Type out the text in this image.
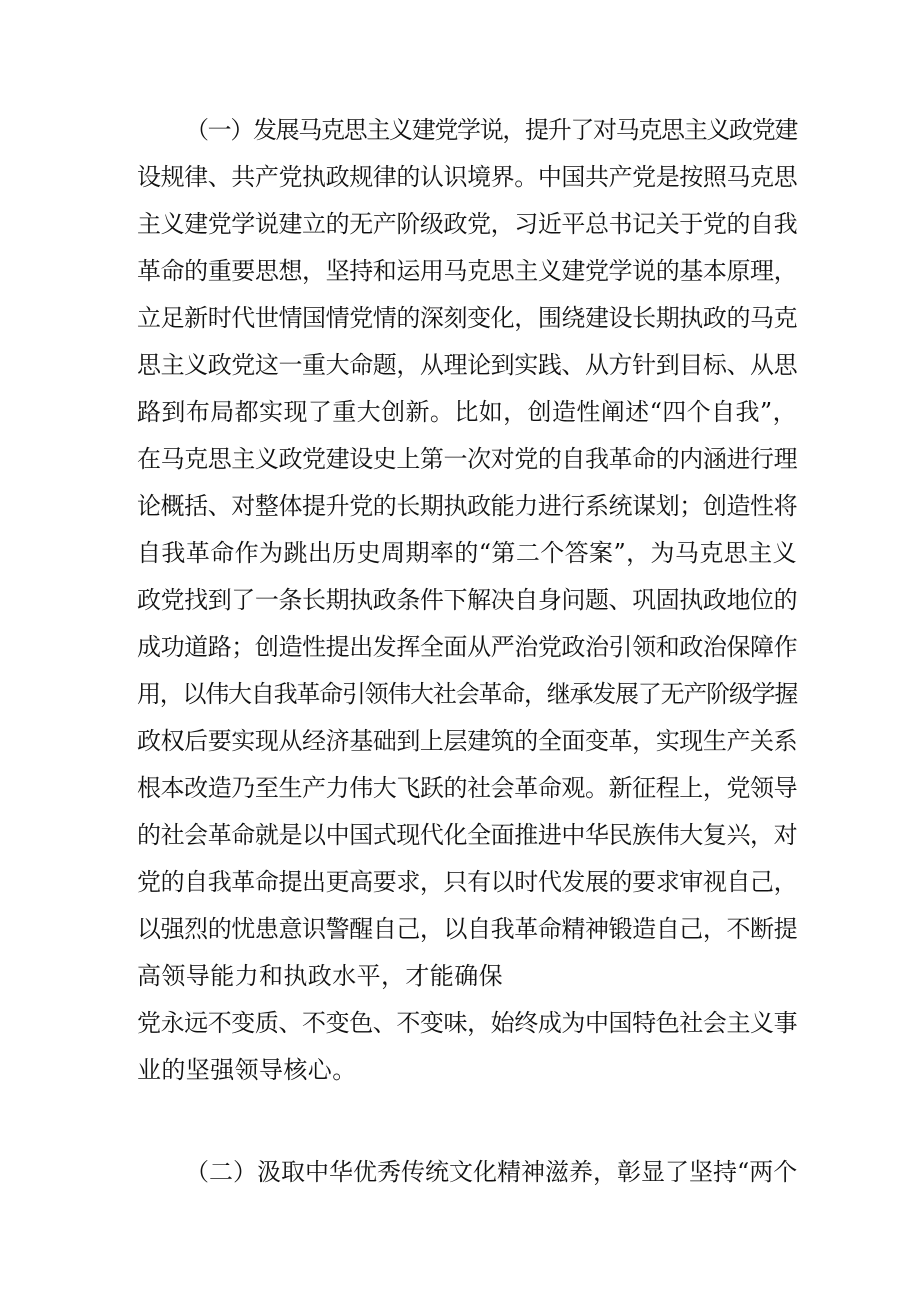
（一）发展马克思主义建党学说，提升了对马克思主义政党建
设规律、共产党执政规律的认识境界。中国共产党是按照马克思
主义建党学说建立的无产阶级政党，习近平总书记关于党的自我
革命的重要思想，坚持和运用马克思主义建党学说的基本原理，
立足新时代世情国情党情的深刻变化，围绕建设长期执政的马克
思主义政党这一重大命题，从理论到实践、从方针到目标、从思
路到布局都实现了重大创新。比如，创造性阐述“四个自我”，
在马克思主义政党建设史上第一次对党的自我革命的内涵进行理
论概括、对整体提升党的长期执政能力进行系统谋划；创造性将
自我革命作为跳出历史周期率的“第二个答案”，为马克思主义
政党找到了一条长期执政条件下解决自身问题、巩固执政地位的
成功道路；创造性提出发挥全面从严治党政治引领和政治保障作
用，以伟大自我革命引领伟大社会革命，继承发展了无产阶级学握
政权后要实现从经济基础到上层建筑的全面变革，实现生产关系
根本改造乃至生产力伟大飞跃的社会革命观。新征程上，党领导
的社会革命就是以中国式现代化全面推进中华民族伟大复兴，对
党的自我革命提出更高要求，只有以时代发展的要求审视自己，
以强烈的忧患意识警醒自己，以自我革命精神锻造自己，不断提
高领导能力和执政水平，才能确保
党永远不变质、不变色、不变味，始终成为中国特色社会主义事
业的坚强领导核心。
（二）汲取中华优秀传统文化精神滋养，彰显了坚持“两个
